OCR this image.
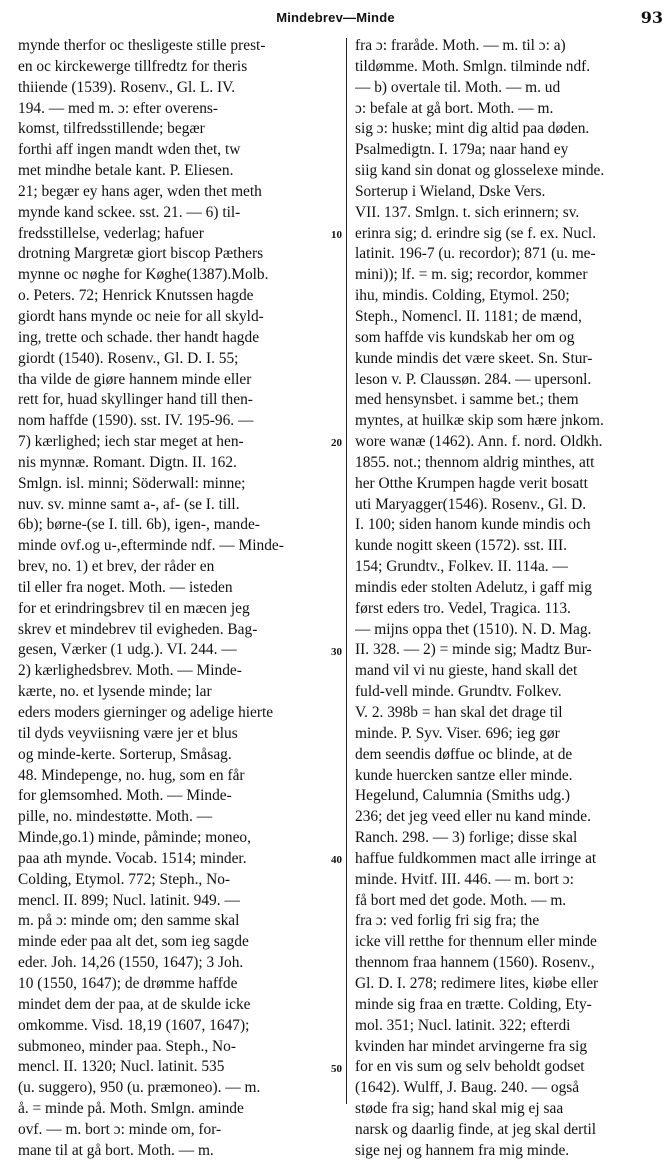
Mindebrev—Minde	93
mynde therfor oc thesligeste stille prest-
en oc kirckewerge tillfredtz for theris
thiiende (1539). Rosenv., Gl. L. IV.
194. — med m. ɔ: efter overens-
komst, tilfredsstillende; begær
forthi aff ingen mandt wden thet, tw
met mindhe betale kant. P. Eliesen.
21; begær ey hans ager, wden thet meth
mynde kand sckee. sst. 21. — 6) til-
fredsstillelse, vederlag; hafuer
drotning Margretæ giort biscop Pæthers
mynne oc nøghe for Køghe(1387).Molb.
o. Peters. 72; Henrick Knutssen hagde
giordt hans mynde oc neie for all skyld-
ing, trette och schade. ther handt hagde
giordt (1540). Rosenv., Gl. D. I. 55;
tha vilde de giøre hannem minde eller
rett for, huad skyllinger hand till then-
nom haffde (1590). sst. IV. 195-96. —
7) kærlighed; iech star meget at hen-
nis mynnæ. Romant. Digtn. II. 162.
Smlgn. isl. minni; Söderwall: minne;
nuv. sv. minne samt a-, af- (se I. till.
6b); børne-(se I. till. 6b), igen-, mande-
minde ovf.og u-,efterminde ndf. — Minde-
brev, no. 1) et brev, der råder en
til eller fra noget. Moth. — isteden
for et erindringsbrev til en mæcen jeg
skrev et mindebrev til evigheden. Bag-
gesen, Værker (1 udg.). VI. 244. —
2) kærlighedsbrev. Moth. — Minde-
kærte, no. et lysende minde; lar
eders moders gierninger og adelige hierte
til dyds veyviisning være jer et blus
og minde-kerte. Sorterup, Småsag.
48. Mindepenge, no. hug, som en får
for glemsomhed. Moth. — Minde-
pille, no. mindestøtte. Moth. —
Minde,go.1) minde, påminde; moneo,
paa ath mynde. Vocab. 1514; minder.
Colding, Etymol. 772; Steph., No-
mencl. II. 899; Nucl. latinit. 949. —
m. på ɔ: minde om; den samme skal
minde eder paa alt det, som ieg sagde
eder. Joh. 14,26 (1550, 1647); 3 Joh.
10 (1550, 1647); de drømme haffde
mindet dem der paa, at de skulde icke
omkomme. Visd. 18,19 (1607, 1647);
submoneo, minder paa. Steph., No-
mencl. II. 1320; Nucl. latinit. 535
(u. suggero), 950 (u. præmoneo). — m.
å. = minde på. Moth. Smlgn. aminde
ovf. — m. bort ɔ: minde om, for-
mane til at gå bort. Moth. — m.
fra ɔ: fraråde. Moth. — m. til ɔ: a)
tildømme. Moth. Smlgn. tilminde ndf.
— b) overtale til. Moth. — m. ud
ɔ: befale at gå bort. Moth. — m.
sig ɔ: huske; mint dig altid paa døden.
Psalmedigtn. I. 179a; naar hand ey
siig kand sin donat og glosselexe minde.
Sorterup i Wieland, Dske Vers.
VII. 137. Smlgn. t. sich erinnern; sv.
erinra sig; d. erindre sig (se f. ex. Nucl.
latinit. 196-7 (u. recordor); 871 (u. me-
mini)); lf. = m. sig; recordor, kommer
ihu, mindis. Colding, Etymol. 250;
Steph., Nomencl. II. 1181; de mænd,
som haffde vis kundskab her om og
kunde mindis det være skeet. Sn. Stur-
leson v. P. Claussøn. 284. — upersonl.
med hensynsbet. i samme bet.; them
myntes, at huilkæ skip som hære jnkom.
wore wanæ (1462). Ann. f. nord. Oldkh.
1855. not.; thennom aldrig minthes, att
her Otthe Krumpen hagde verit bosatt
uti Maryagger(1546). Rosenv., Gl. D.
I. 100; siden hanom kunde mindis och
kunde nogitt skeen (1572). sst. III.
154; Grundtv., Folkev. II. 114a. —
mindis eder stolten Adelutz, i gaff mig
først eders tro. Vedel, Tragica. 113.
— mijns oppa thet (1510). N. D. Mag.
II. 328. — 2) = minde sig; Madtz Bur-
mand vil vi nu gieste, hand skall det
fuld-vell minde. Grundtv. Folkev.
V. 2. 398b = han skal det drage til
minde. P. Syv. Viser. 696; ieg gør
dem seendis døffue oc blinde, at de
kunde huercken santze eller minde.
Hegelund, Calumnia (Smiths udg.)
236; det jeg veed eller nu kand minde.
Ranch. 298. — 3) forlige; disse skal
haffue fuldkommen mact alle irringe at
minde. Hvitf. III. 446. — m. bort ɔ:
få bort med det gode. Moth. — m.
fra ɔ: ved forlig fri sig fra; the
icke vill retthe for thennum eller minde
thennom fraa hannem (1560). Rosenv.,
Gl. D. I. 278; redimere lites, kiøbe eller
minde sig fraa en trætte. Colding, Ety-
mol. 351; Nucl. latinit. 322; efterdi
kvinden har mindet arvingerne fra sig
for en vis sum og selv beholdt godset
(1642). Wulff, J. Baug. 240. — også
støde fra sig; hand skal mig ej saa
narsk og daarlig finde, at jeg skal dertil
sige nej og hannem fra mig minde.
10
20
30
40
50
